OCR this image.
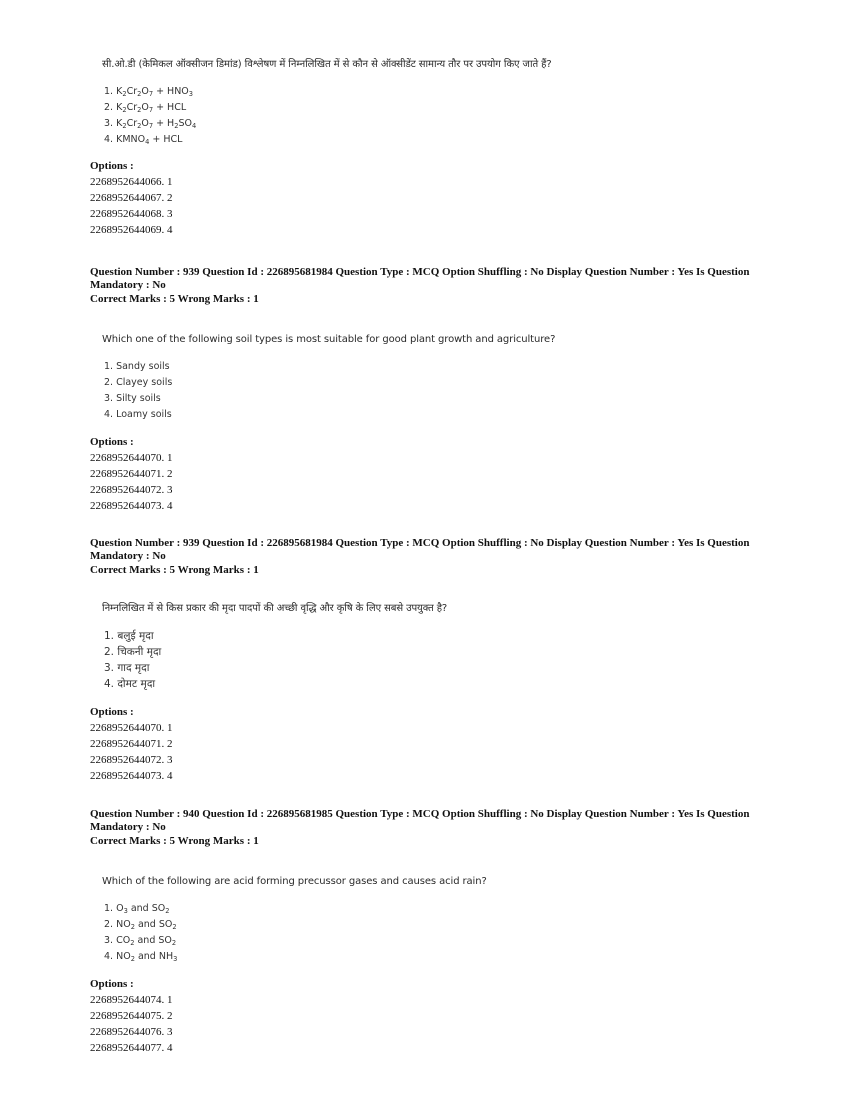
सी.ओ.डी (केमिकल ऑक्सीजन डिमांड) विश्लेषण में निम्नलिखित में से कौन से ऑक्सीडेंट सामान्य तौर पर उपयोग किए जाते हैं?

1. $K_2Cr_2O_7 + HNO_3$
2. $K_2Cr_2O_7$ + HCL
3. $K_2Cr_2O_7 + H_2SO_4$
4. $KMNO_4$ + HCL

Options :

2268952644066. 1
2268952644067. 2
2268952644068. 3
2268952644069. 4
Question Number : 939 Question Id : 226895681984 Question Type : MCQ Option Shuffling : No Display Question Number : Yes Is Question Mandatory : No
Correct Marks : 5 Wrong Marks : 1

Which one of the following soil types is most suitable for good plant growth and agriculture?

1. Sandy soils
2. Clayey soils
3. Silty soils
4. Loamy soils

Options :

2268952644070. 1
2268952644071. 2
2268952644072. 3
2268952644073. 4
Question Number : 939 Question Id : 226895681984 Question Type : MCQ Option Shuffling : No Display Question Number : Yes Is Question Mandatory : No
Correct Marks : 5 Wrong Marks : 1

निम्नलिखित में से किस प्रकार की मृदा पादपों की अच्छी वृद्धि और कृषि के लिए सबसे उपयुक्त है?

1. बलुई मृदा
2. चिकनी मृदा
3. गाद मृदा
4. दोमट मृदा

Options :

2268952644070. 1
2268952644071. 2
2268952644072. 3
2268952644073. 4
Question Number : 940 Question Id : 226895681985 Question Type : MCQ Option Shuffling : No Display Question Number : Yes Is Question Mandatory : No
Correct Marks : 5 Wrong Marks : 1

Which of the following are acid forming precussor gases and causes acid rain?

1. $O_3$ and $SO_2$
2. $NO_2$ and $SO_2$
3. $CO_2$ and $SO_2$
4. $NO_2$ and $NH_3$

Options :

2268952644074. 1
2268952644075. 2
2268952644076. 3
2268952644077. 4
